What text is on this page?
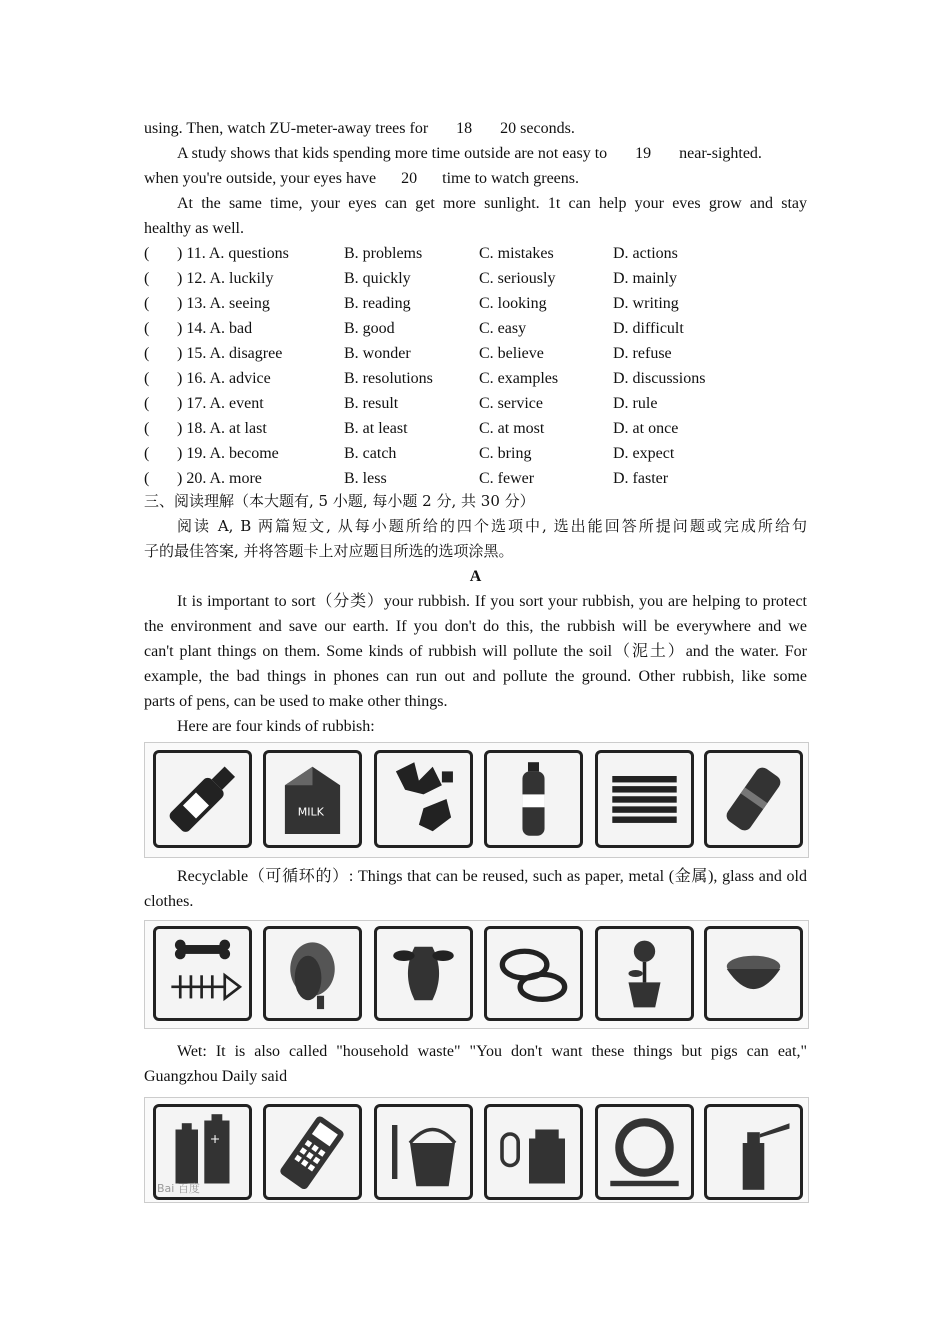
using. Then, watch ZU-meter-away trees for 18 20 seconds.
A study shows that kids spending more time outside are not easy to 19 near-sighted.
when you're outside, your eyes have 20 time to watch greens.
At the same time, your eyes can get more sunlight. 1t can help your eves grow and stay
healthy as well.
( ) 11. A. questions	B. problems	C. mistakes	D. actions
( ) 12. A. luckily	B. quickly	C. seriously	D. mainly
( ) 13. A. seeing	B. reading	C. looking	D. writing
( ) 14. A. bad	B. good	C. easy	D. difficult
( ) 15. A. disagree	B. wonder	C. believe	D. refuse
( ) 16. A. advice	B. resolutions	C. examples	D. discussions
( ) 17. A. event	B. result	C. service	D. rule
( ) 18. A. at last	B. at least	C. at most	D. at once
( ) 19. A. become	B. catch	C. bring	D. expect
( ) 20. A. more	B. less	C. fewer	D. faster
三、阅读理解（本大题有, 5 小题, 每小题 2 分, 共 30 分）
阅读 A, B 两篇短文, 从每小题所给的四个选项中, 选出能回答所提问题或完成所给句
子的最佳答案, 并将答题卡上对应题目所选的选项涂黑。
A
It is important to sort（分类）your rubbish. If you sort your rubbish, you are helping to protect
the environment and save our earth. If you don't do this, the rubbish will be everywhere and we
can't plant things on them. Some kinds of rubbish will pollute the soil（泥土）and the water. For
example, the bad things in phones can run out and pollute the ground. Other rubbish, like some
parts of pens, can be used to make other things.
Here are four kinds of rubbish:
MILK
Recyclable（可循环的）: Things that can be reused, such as paper, metal (金属), glass and old
clothes.
Wet: It is also called "household waste" "You don't want these things but pigs can eat,"
Guangzhou Daily said
+
Bai 百度
